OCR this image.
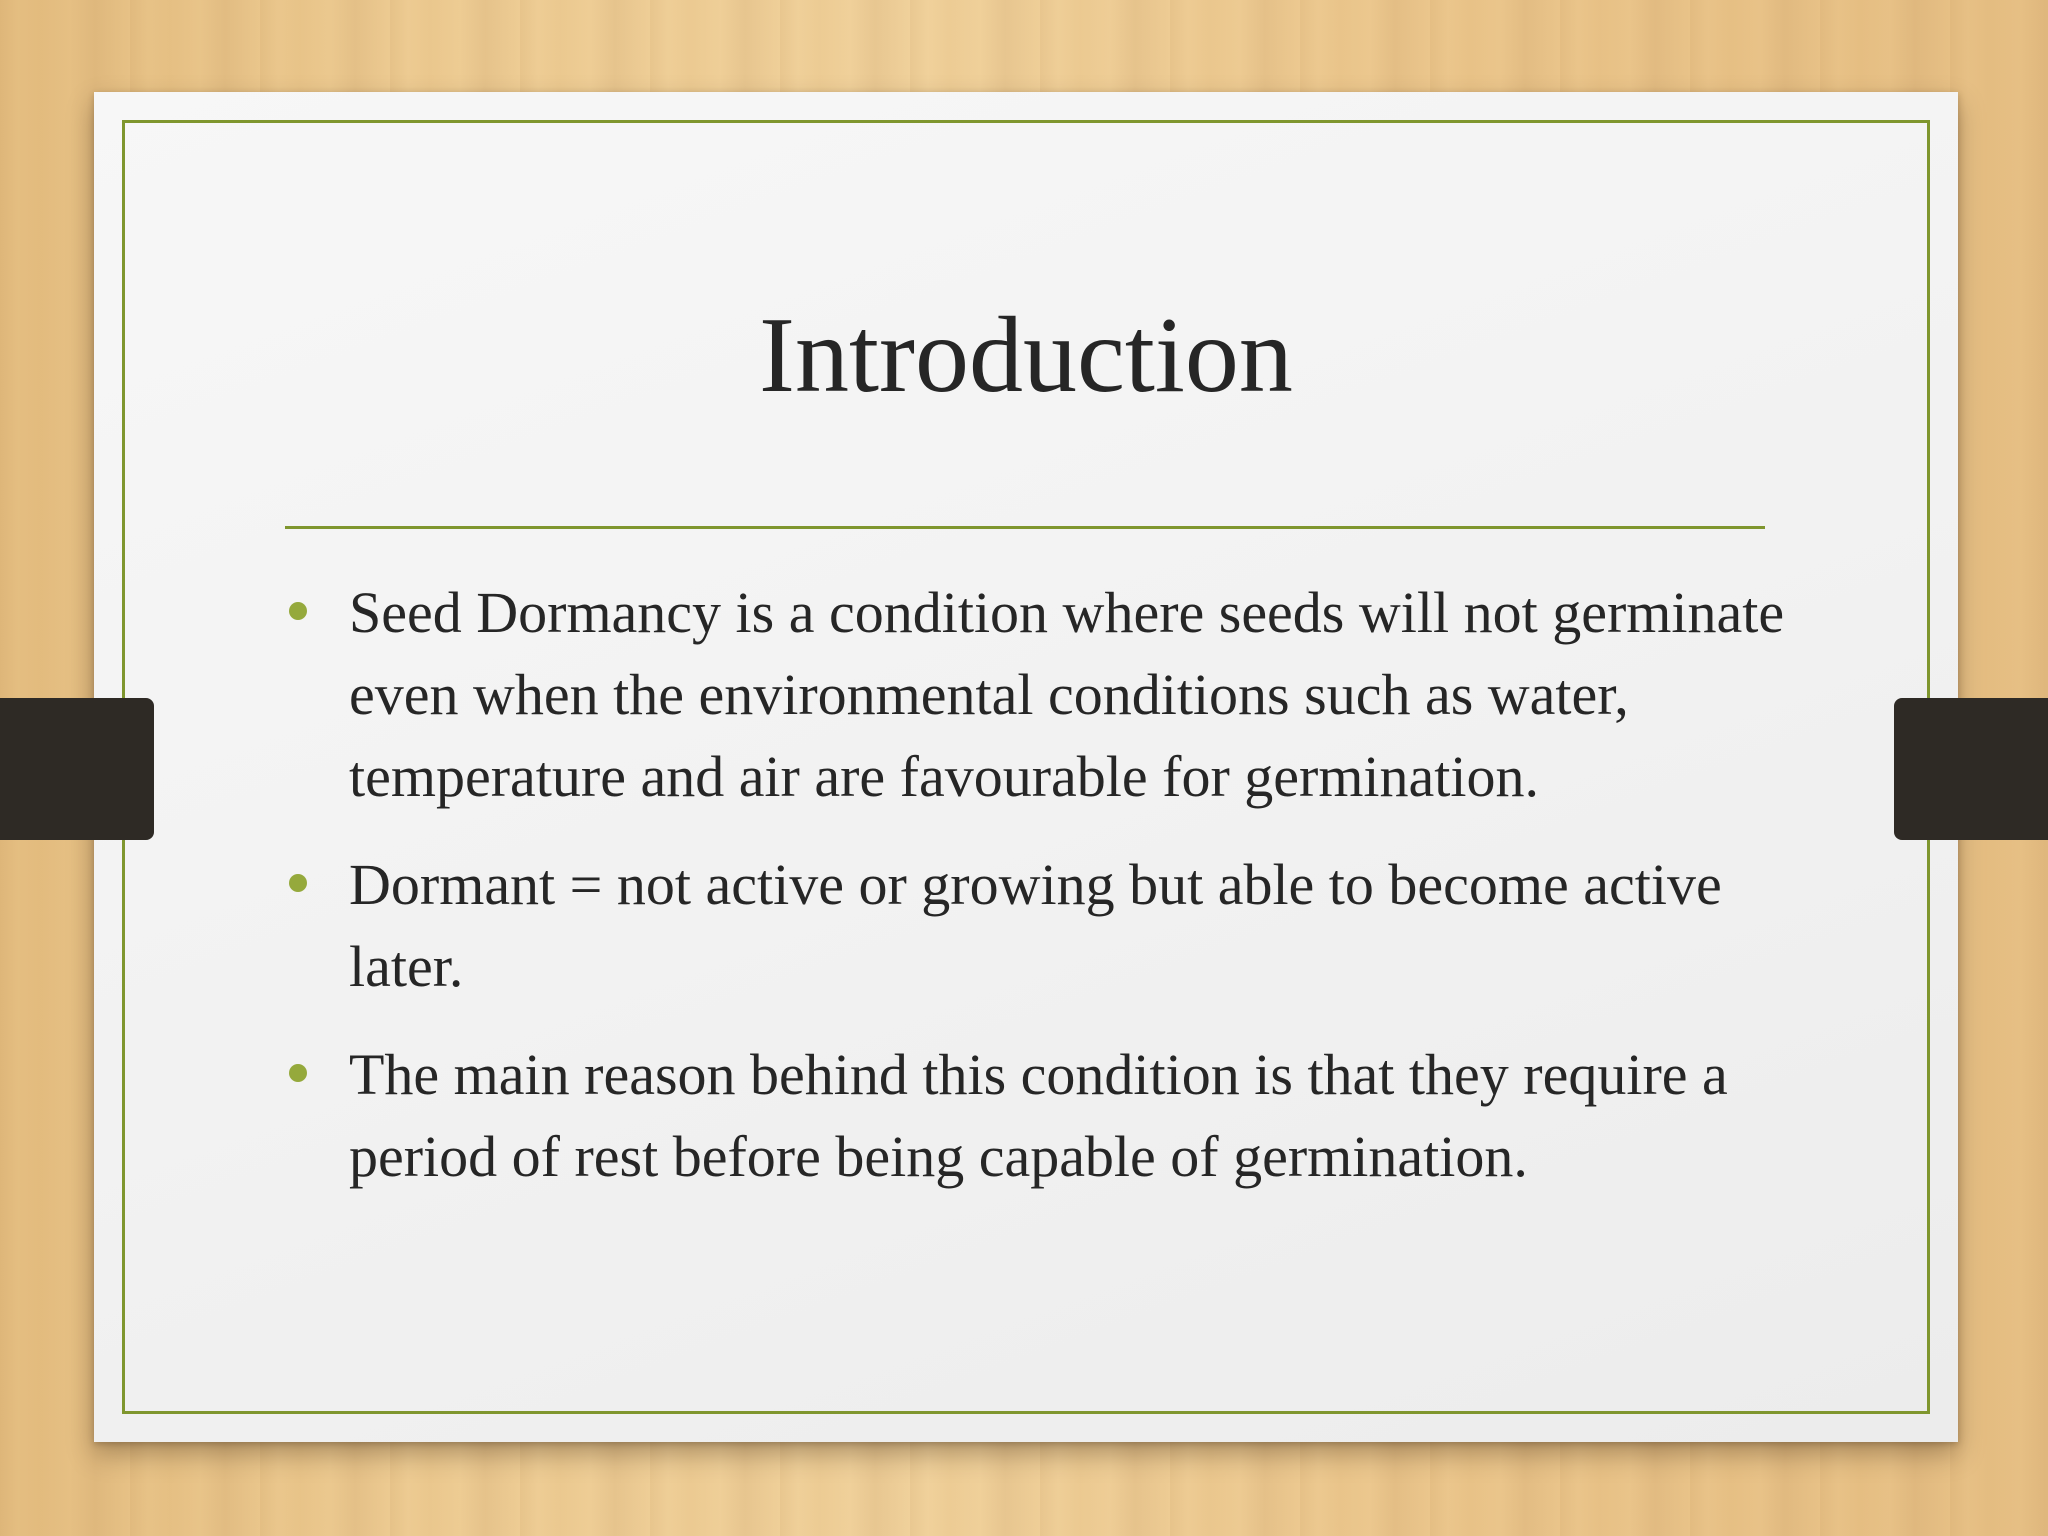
Introduction
Seed Dormancy is a condition where seeds will not germinate even when the environmental conditions such as water, temperature and air are favourable for germination.
Dormant = not active or growing but able to become active later.
The main reason behind this condition is that they require a period of rest before being capable of germination.
